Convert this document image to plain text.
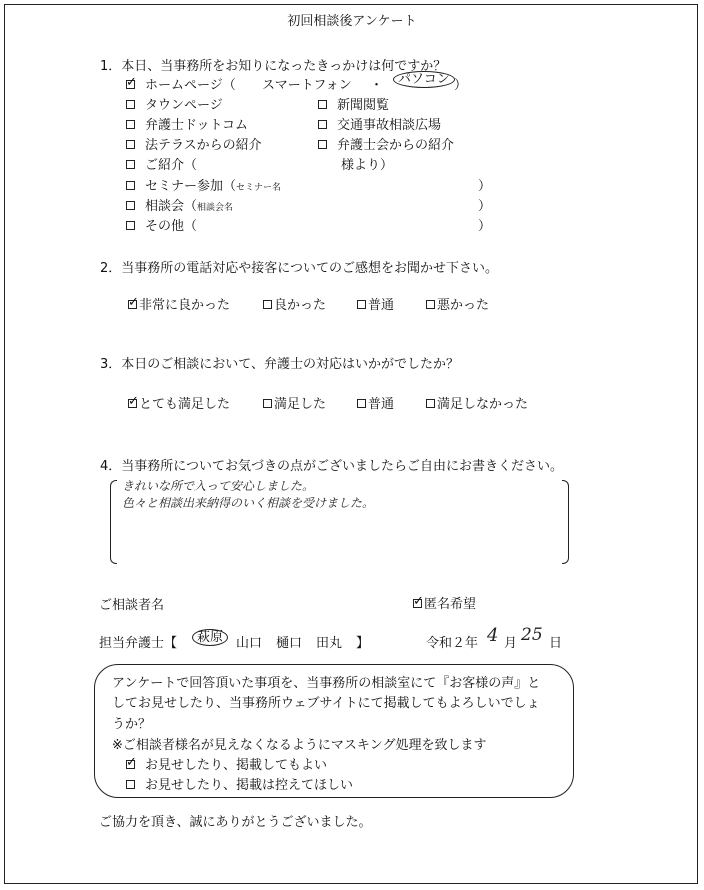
初回相談後アンケート
1．本日、当事務所をお知りになったきっかけは何ですか？
✓ ホームページ（ スマートフォン ・	パソコン ）
タウンページ
弁護士ドットコム
法テラスからの紹介
ご紹介（
新聞閲覧
交通事故相談広場
弁護士会からの紹介
様より）
セミナー参加（セミナー名	）
相談会（相談会名	）
その他（	）
2．当事務所の電話対応や接客についてのご感想をお聞かせ下さい。
✓ 非常に良かった	良かった	普通	悪かった
3．本日のご相談において、弁護士の対応はいかがでしたか？
✓ とても満足した	満足した	普通	満足しなかった
4．当事務所についてお気づきの点がございましたらご自由にお書きください。
きれいな所で入って安心しました。
色々と相談出来納得のいく相談を受けました。
ご相談者名	✓ 匿名希望
担当弁護士【	萩原 山口 樋口 田丸 】	令和２年 4 月 25 日
アンケートで回答頂いた事項を、当事務所の相談室にて『お客様の声』と
してお見せしたり、当事務所ウェブサイトにて掲載してもよろしいでしょ
うか？
※ご相談者様名が見えなくなるようにマスキング処理を致します
✓ お見せしたり、掲載してもよい
お見せしたり、掲載は控えてほしい
ご協力を頂き、誠にありがとうございました。
